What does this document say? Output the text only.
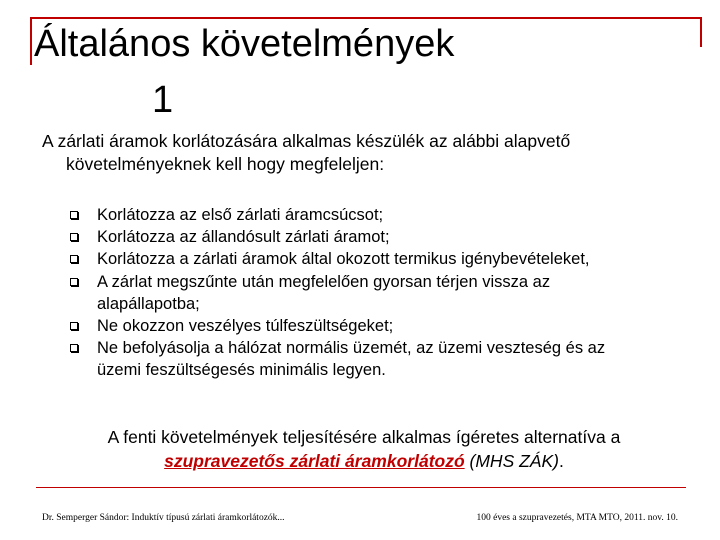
Általános követelmények
1
A zárlati áramok korlátozására alkalmas készülék az alábbi alapvető
követelményeknek kell hogy megfeleljen:
Korlátozza az első zárlati áramcsúcsot;
Korlátozza az állandósult zárlati áramot;
Korlátozza a zárlati áramok által okozott termikus igénybevételeket,
A zárlat megszűnte után megfelelően gyorsan térjen vissza az
alapállapotba;
Ne okozzon veszélyes túlfeszültségeket;
Ne befolyásolja a hálózat normális üzemét, az üzemi veszteség és az
üzemi feszültségesés minimális legyen.
A fenti követelmények teljesítésére alkalmas ígéretes alternatíva a
szupravezetős zárlati áramkorlátozó (MHS ZÁK).
Dr. Semperger Sándor: Induktív típusú zárlati áramkorlátozók...	100 éves a szupravezetés, MTA MTO, 2011. nov. 10.
